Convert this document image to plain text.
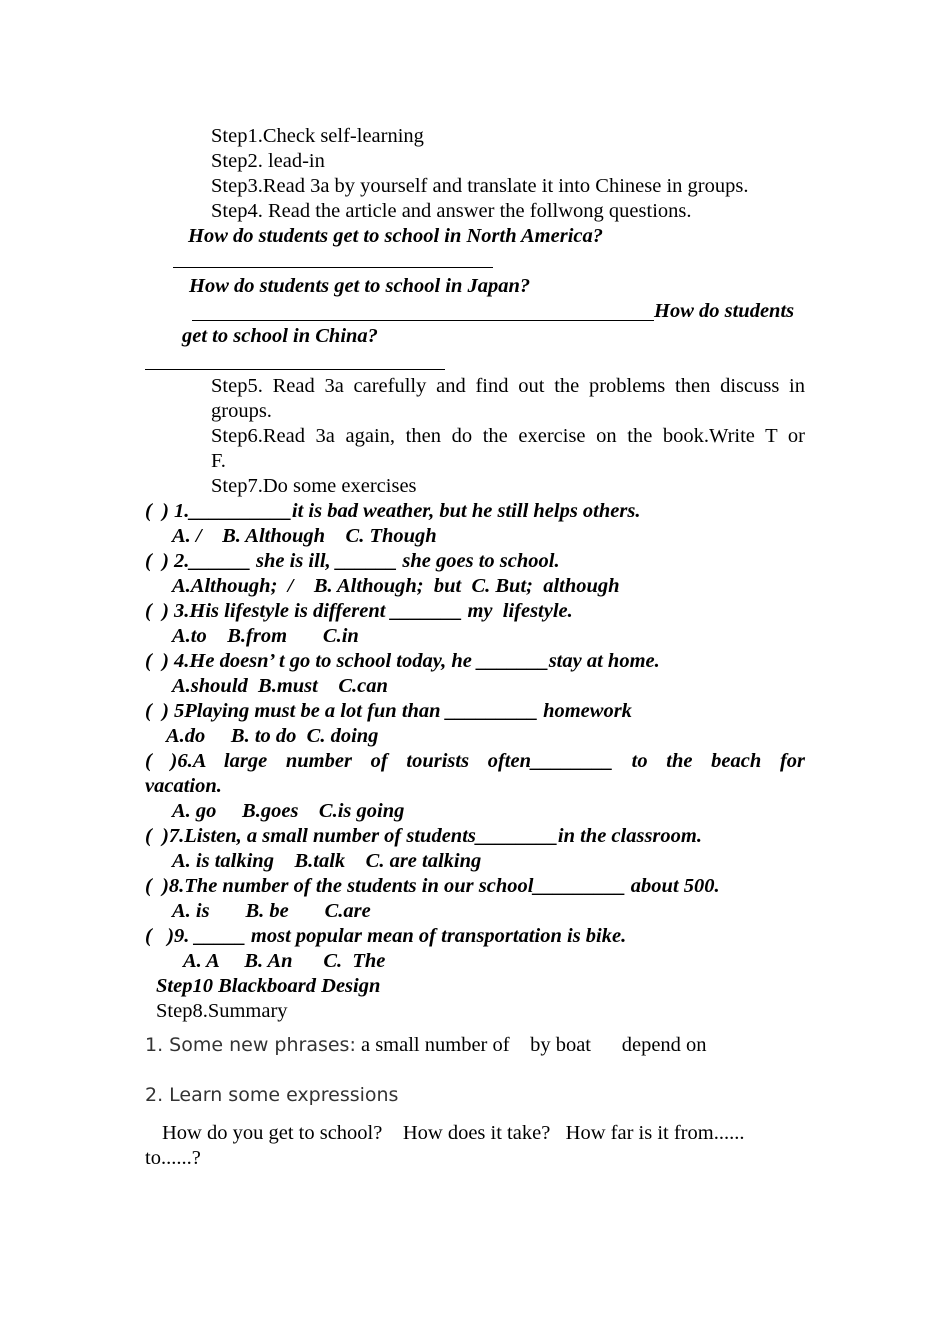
Step1.Check self-learning
Step2. lead-in
Step3.Read 3a by yourself and translate it into Chinese in groups.
Step4. Read the article and answer the follwong questions.
How do students get to school in North America?
How do students get to school in Japan?
How do students
get to school in China?
Step5. Read 3a carefully and find out the problems then discuss in
groups.
Step6.Read 3a again, then do the exercise on the book.Write T or
F.
Step7.Do some exercises
(  ) 1.__________it is bad weather, but he still helps others.
A. /    B. Although    C. Though
(  ) 2.______ she is ill, ______ she goes to school.
A.Although;  /    B. Although;  but  C. But;  although
(  ) 3.His lifestyle is different _______ my  lifestyle.
A.to    B.from       C.in
(  ) 4.He doesn’ t go to school today, he _______stay at home.
A.should  B.must    C.can
(  ) 5Playing must be a lot fun than _________ homework
A.do     B. to do  C. doing
( )6.A large number of tourists often________ to the beach for
vacation.
A. go     B.goes    C.is going
(  )7.Listen, a small number of students________in the classroom.
A. is talking    B.talk    C. are talking
(  )8.The number of the students in our school_________ about 500.
A. is       B. be       C.are
(   )9. _____ most popular mean of transportation is bike.
A. A     B. An      C.  The
Step10 Blackboard Design
Step8.Summary
1. Some new phrases: a small number of    by boat      depend on
2. Learn some expressions
How do you get to school?    How does it take?   How far is it from......
to......?
